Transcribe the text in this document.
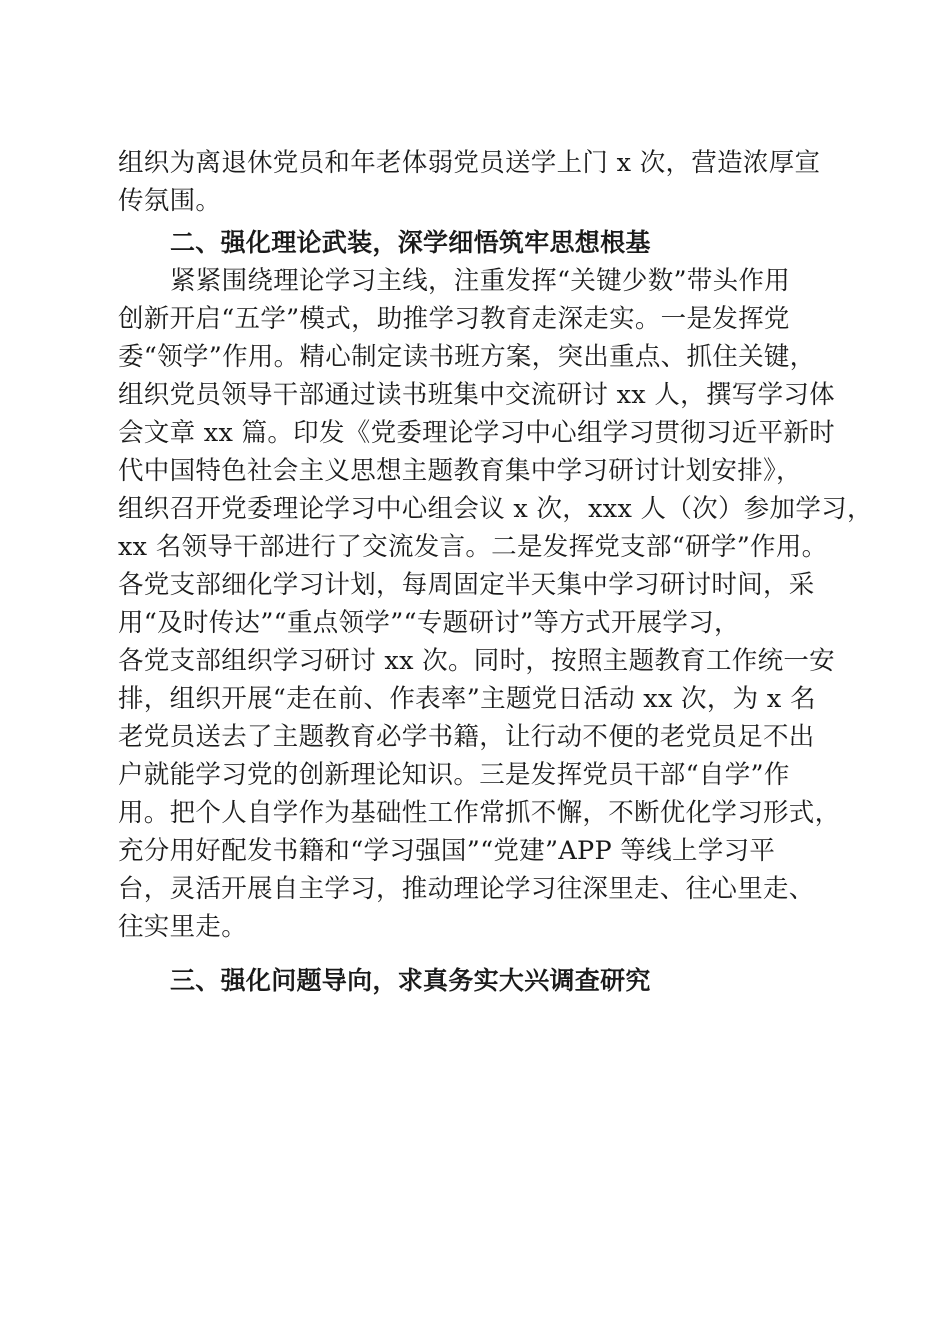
组织为离退休党员和年老体弱党员送学上门 x 次，营造浓厚宣
传氛围。
二、强化理论武装，深学细悟筑牢思想根基
紧紧围绕理论学习主线，注重发挥“关键少数”带头作用
创新开启“五学”模式，助推学习教育走深走实。一是发挥党
委“领学”作用。精心制定读书班方案，突出重点、抓住关键，
组织党员领导干部通过读书班集中交流研讨 xx 人，撰写学习体
会文章 xx 篇。印发《党委理论学习中心组学习贯彻习近平新时
代中国特色社会主义思想主题教育集中学习研讨计划安排》，
组织召开党委理论学习中心组会议 x 次，xxx 人（次）参加学习，
xx 名领导干部进行了交流发言。二是发挥党支部“研学”作用。
各党支部细化学习计划，每周固定半天集中学习研讨时间，采
用“及时传达”“重点领学”“专题研讨”等方式开展学习，
各党支部组织学习研讨 xx 次。同时，按照主题教育工作统一安
排，组织开展“走在前、作表率”主题党日活动 xx 次，为 x 名
老党员送去了主题教育必学书籍，让行动不便的老党员足不出
户就能学习党的创新理论知识。三是发挥党员干部“自学”作
用。把个人自学作为基础性工作常抓不懈，不断优化学习形式，
充分用好配发书籍和“学习强国”“党建”APP 等线上学习平
台，灵活开展自主学习，推动理论学习往深里走、往心里走、
往实里走。
三、强化问题导向，求真务实大兴调查研究
